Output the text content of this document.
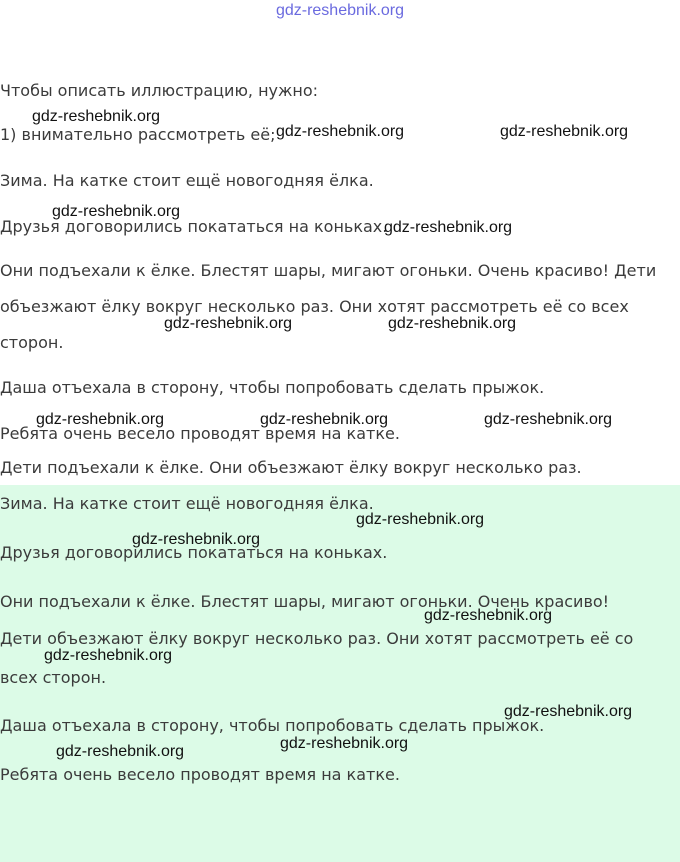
gdz-reshebnik.org
Чтобы описать иллюстрацию, нужно:
1) внимательно рассмотреть её;
Зима. На катке стоит ещё новогодняя ёлка.
Друзья договорились покататься на коньках.
Они подъехали к ёлке. Блестят шары, мигают огоньки. Очень красиво! Дети
объезжают ёлку вокруг несколько раз. Они хотят рассмотреть её со всех
сторон.
Даша отъехала в сторону, чтобы попробовать сделать прыжок.
Ребята очень весело проводят время на катке.
Дети подъехали к ёлке. Они объезжают ёлку вокруг несколько раз.
Зима. На катке стоит ещё новогодняя ёлка.
Друзья договорились покататься на коньках.
Они подъехали к ёлке. Блестят шары, мигают огоньки. Очень красиво!
Дети объезжают ёлку вокруг несколько раз. Они хотят рассмотреть её со
всех сторон.
Даша отъехала в сторону, чтобы попробовать сделать прыжок.
Ребята очень весело проводят время на катке.
gdz-reshebnik.org
gdz-reshebnik.org	gdz-reshebnik.org
gdz-reshebnik.org
gdz-reshebnik.org
gdz-reshebnik.org	gdz-reshebnik.org
gdz-reshebnik.org	gdz-reshebnik.org	gdz-reshebnik.org
gdz-reshebnik.org
gdz-reshebnik.org
gdz-reshebnik.org
gdz-reshebnik.org
gdz-reshebnik.org
gdz-reshebnik.org
gdz-reshebnik.org
